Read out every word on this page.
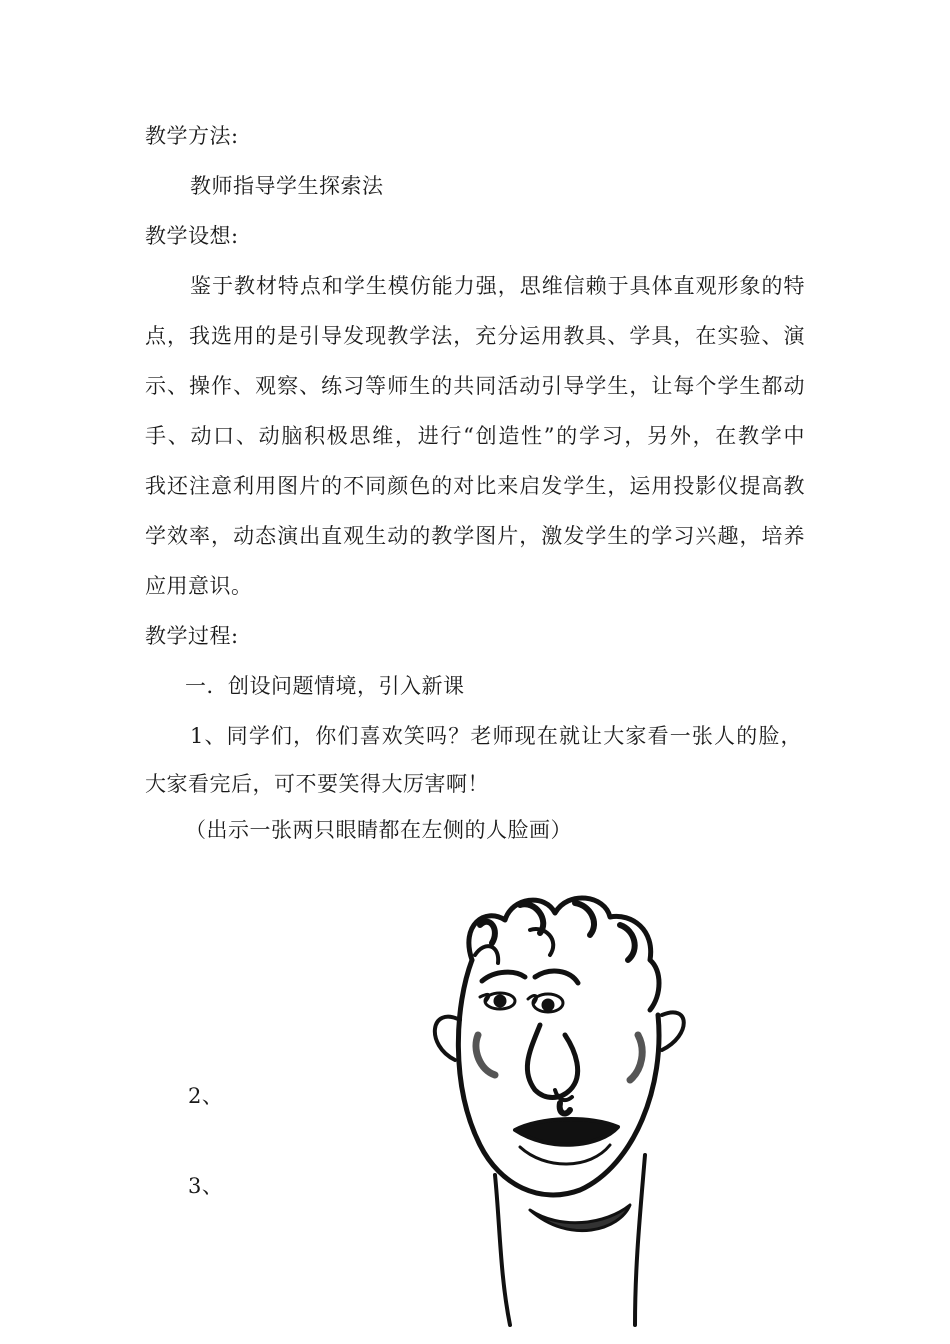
教学方法:
教师指导学生探索法
教学设想:
鉴于教材特点和学生模仿能力强，思维信赖于具体直观形象的特
点，我选用的是引导发现教学法，充分运用教具、学具，在实验、演
示、操作、观察、练习等师生的共同活动引导学生，让每个学生都动
手、动口、动脑积极思维，进行“创造性”的学习，另外，在教学中
我还注意利用图片的不同颜色的对比来启发学生，运用投影仪提高教
学效率，动态演出直观生动的教学图片，激发学生的学习兴趣，培养
应用意识。
教学过程:
一．创设问题情境，引入新课
1、同学们，你们喜欢笑吗？老师现在就让大家看一张人的脸，
大家看完后，可不要笑得大厉害啊！
（出示一张两只眼睛都在左侧的人脸画）
2、
3、
